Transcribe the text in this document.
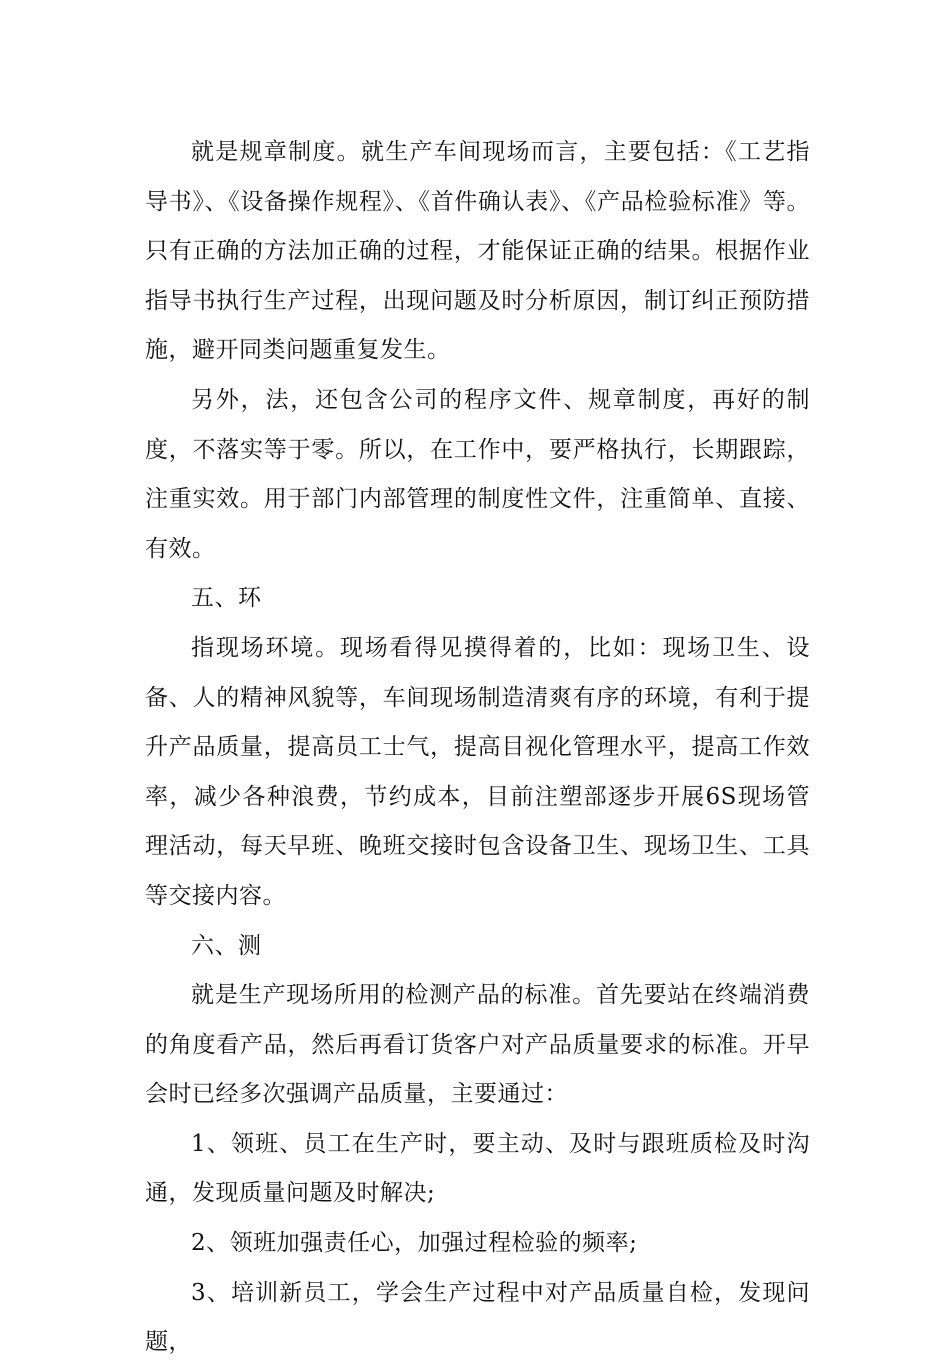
就是规章制度。就生产车间现场而言，主要包括：《工艺指导书》、《设备操作规程》、《首件确认表》、《产品检验标准》等。只有正确的方法加正确的过程，才能保证正确的结果。根据作业指导书执行生产过程，出现问题及时分析原因，制订纠正预防措施，避开同类问题重复发生。

另外，法，还包含公司的程序文件、规章制度，再好的制度，不落实等于零。所以，在工作中，要严格执行，长期跟踪，注重实效。用于部门内部管理的制度性文件，注重简单、直接、有效。

五、环

指现场环境。现场看得见摸得着的，比如：现场卫生、设备、人的精神风貌等，车间现场制造清爽有序的环境，有利于提升产品质量，提高员工士气，提高目视化管理水平，提高工作效率，减少各种浪费，节约成本，目前注塑部逐步开展6S现场管理活动，每天早班、晚班交接时包含设备卫生、现场卫生、工具等交接内容。

六、测

就是生产现场所用的检测产品的标准。首先要站在终端消费的角度看产品，然后再看订货客户对产品质量要求的标准。开早会时已经多次强调产品质量，主要通过：

1、领班、员工在生产时，要主动、及时与跟班质检及时沟通，发现质量问题及时解决;

2、领班加强责任心，加强过程检验的频率;

3、培训新员工，学会生产过程中对产品质量自检，发现问题，
